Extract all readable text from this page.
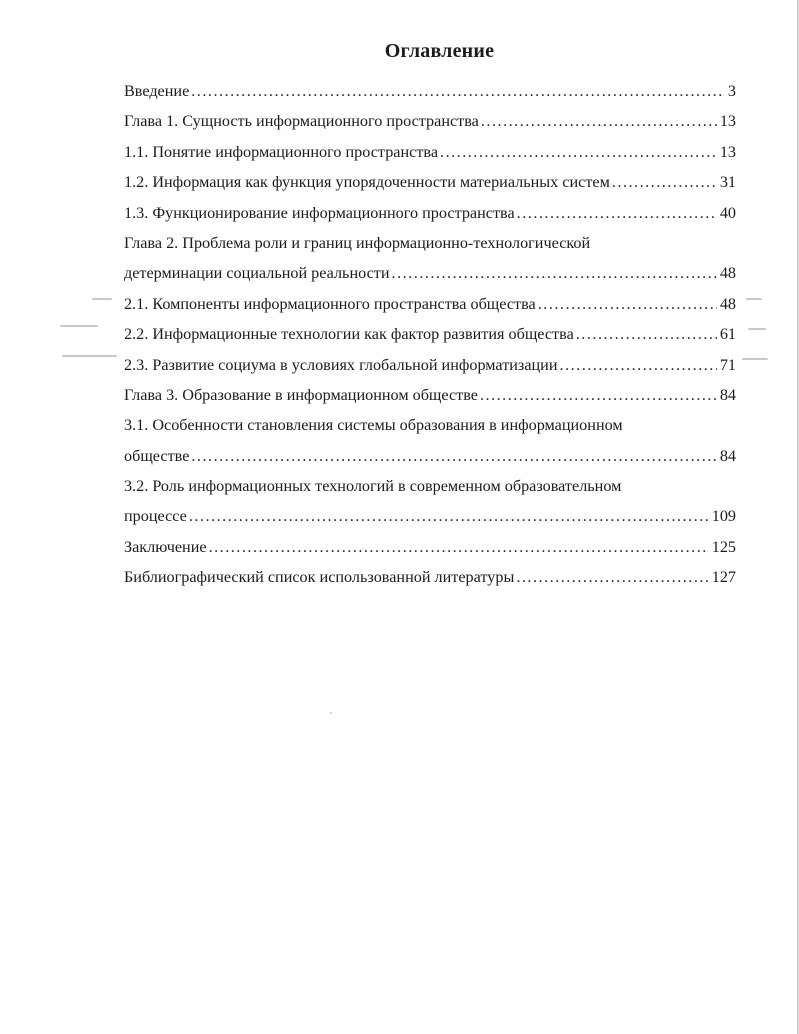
Оглавление
Введение .....	3
Глава 1. Сущность информационного пространства .....	13
1.1. Понятие информационного пространства .....	13
1.2. Информация как функция упорядоченности материальных систем .....	31
1.3. Функционирование информационного пространства .....	40
Глава 2. Проблема роли и границ информационно-технологической
детерминации социальной реальности .....	48
2.1. Компоненты информационного пространства общества .....	48
2.2. Информационные технологии как фактор развития общества .....	61
2.3. Развитие социума в условиях глобальной информатизации .....	71
Глава 3. Образование в информационном обществе .....	84
3.1. Особенности становления системы образования в информационном
обществе .....	84
3.2. Роль информационных технологий в современном образовательном
процессе .....	109
Заключение .....	125
Библиографический список использованной литературы .....	127
